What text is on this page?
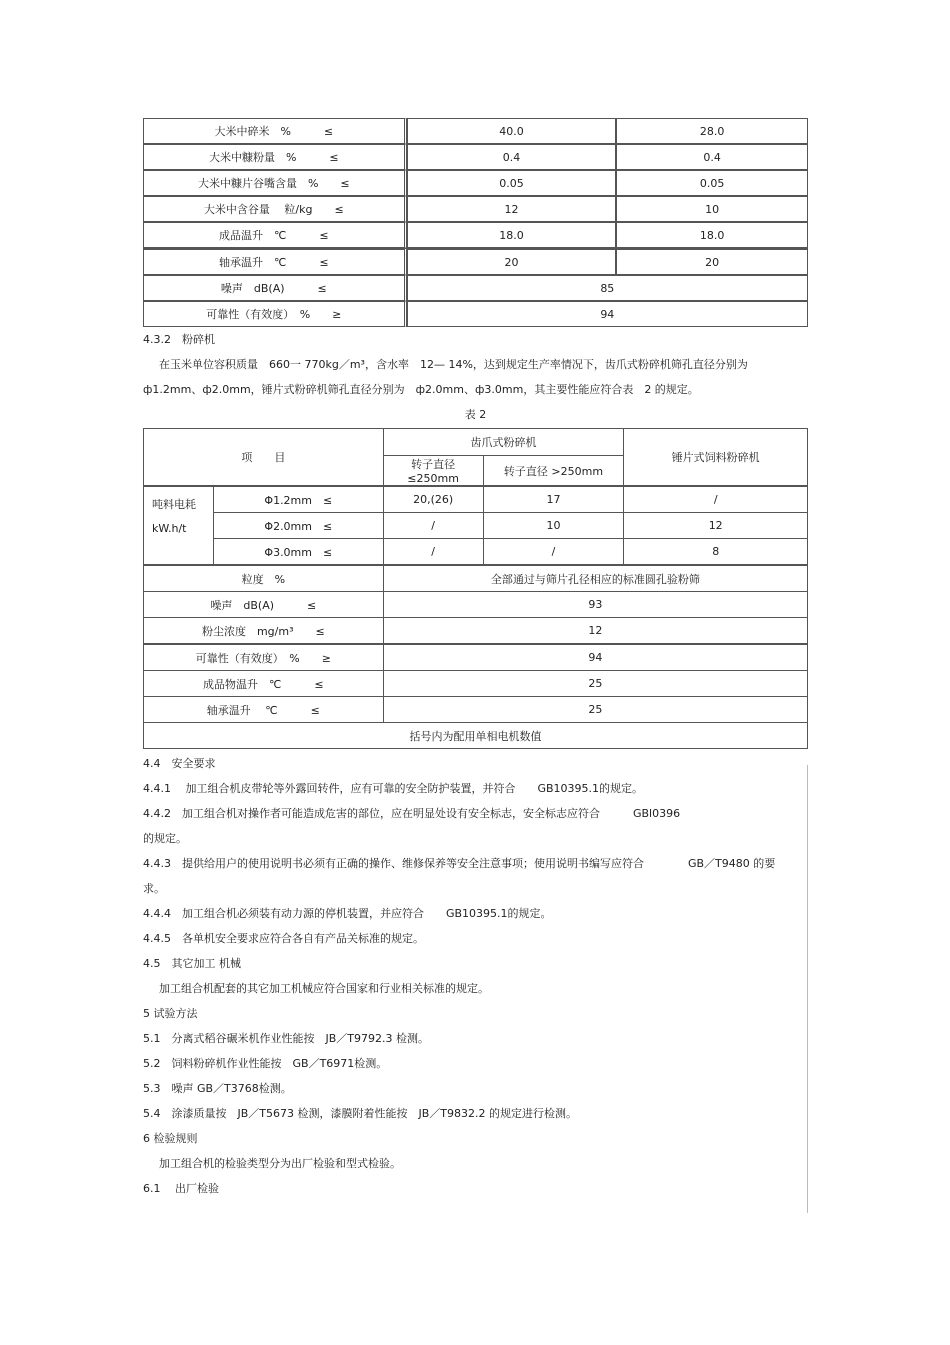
大米中碎米　%　　　≤	40.0	28.0
大米中糠粉量　%　　　≤	0.4	0.4
大米中糠片谷嘴含量　%　　≤	0.05	0.05
大米中含谷量　 粒/kg　　≤	12	10
成品温升　℃　　　≤	18.0	18.0
轴承温升　℃　　　≤	20	20
噪声　dB(A)　　　≤	85	
可靠性（有效度）　%　　≥	94	

4.3.2　粉碎机

在玉米单位容积质量　660一 770kg／m³，含水率　12— 14%，达到规定生产率情况下，齿爪式粉碎机筛孔直径分别为

ф1.2mm、ф2.0mm，锤片式粉碎机筛孔直径分别为　ф2.0mm、ф3.0mm，其主要性能应符合表　2 的规定。

表 2
项　　目		齿爪式粉碎机		锤片式饲料粉碎机
		转子直径 ≤250mm	转子直径 >250mm	

吨料电耗
kW.h/t	Φ1.2mm　≤	20,(26)	17	/
	Φ2.0mm　≤	/	10	12
	Φ3.0mm　≤	/	/	8
粒度　%		全部通过与筛片孔径相应的标准圆孔验粉筛		
噪声　dB(A)　　　≤		93		
粉尘浓度　mg/m³　　≤		12		
可靠性（有效度）　%　　≥		94		
成品物温升　℃　　　≤		25		
轴承温升　 ℃　　　≤		25		
括号内为配用单相电机数值				

4.4　安全要求

4.4.1　 加工组合机皮带轮等外露回转件，应有可靠的安全防护装置，并符合　　GB10395.1的规定。

4.4.2　加工组合机对操作者可能造成危害的部位，应在明显处设有安全标志，安全标志应符合　　　GBl0396

的规定。

4.4.3　提供给用户的使用说明书必须有正确的操作、维修保养等安全注意事项；使用说明书编写应符合　　　　GB／T9480 的要

求。

4.4.4　加工组合机必须装有动力源的停机装置，并应符合　　GB10395.1的规定。

4.4.5　各单机安全要求应符合各自有产品关标准的规定。

4.5　其它加工 机械

加工组合机配套的其它加工机械应符合国家和行业相关标准的规定。

5 试验方法

5.1　分离式稻谷碾米机作业性能按　JB／T9792.3 检测。

5.2　饲料粉碎机作业性能按　GB／T6971检测。

5.3　噪声 GB／T3768检测。

5.4　涂漆质量按　JB／T5673 检测，漆膜附着性能按　JB／T9832.2 的规定进行检测。

6 检验规则

加工组合机的检验类型分为出厂检验和型式检验。

6.1　 出厂检验
